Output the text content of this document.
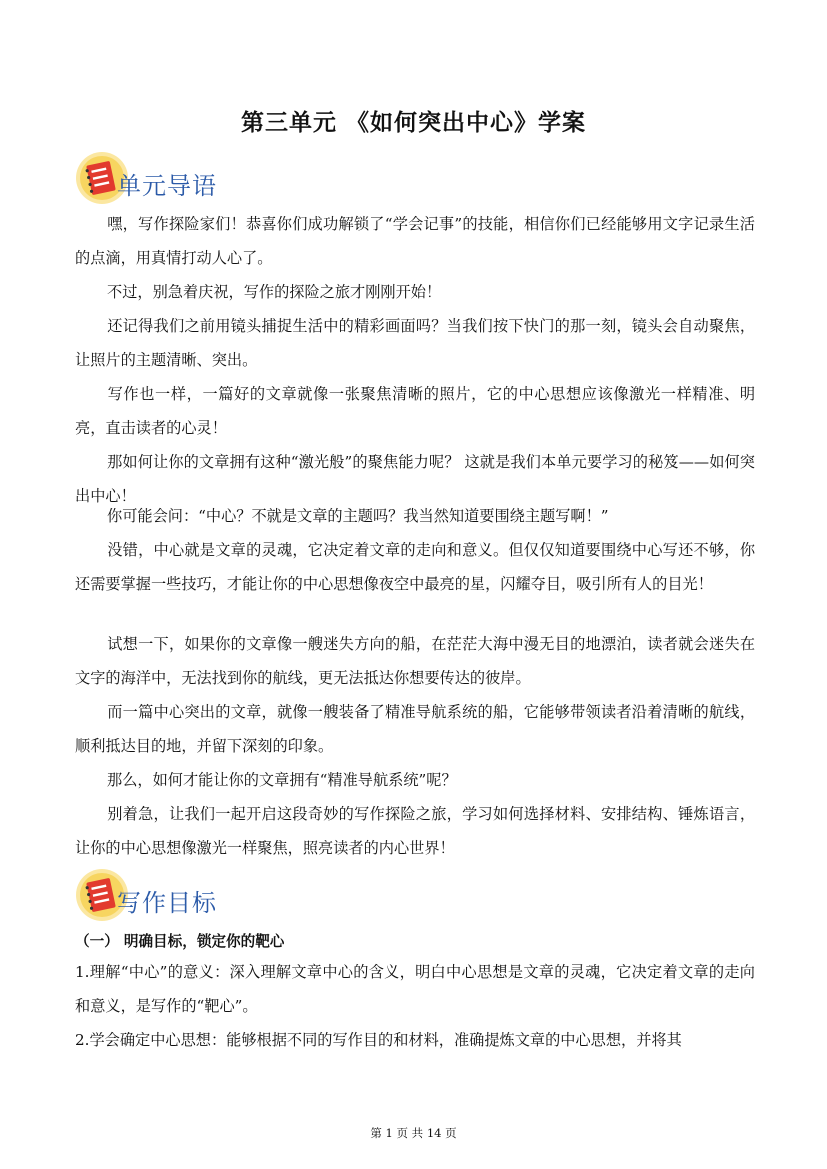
第三单元 《如何突出中心》学案
单元导语

嘿，写作探险家们！恭喜你们成功解锁了“学会记事”的技能，相信你们已经能够用文字记录生活的点滴，用真情打动人心了。

不过，别急着庆祝，写作的探险之旅才刚刚开始！

还记得我们之前用镜头捕捉生活中的精彩画面吗？当我们按下快门的那一刻，镜头会自动聚焦，让照片的主题清晰、突出。

写作也一样，一篇好的文章就像一张聚焦清晰的照片，它的中心思想应该像激光一样精准、明亮，直击读者的心灵！

那如何让你的文章拥有这种“激光般”的聚焦能力呢？ 这就是我们本单元要学习的秘笈——如何突出中心！

你可能会问：“中心？不就是文章的主题吗？我当然知道要围绕主题写啊！”

没错，中心就是文章的灵魂，它决定着文章的走向和意义。但仅仅知道要围绕中心写还不够，你还需要掌握一些技巧，才能让你的中心思想像夜空中最亮的星，闪耀夺目，吸引所有人的目光！

试想一下，如果你的文章像一艘迷失方向的船，在茫茫大海中漫无目的地漂泊，读者就会迷失在文字的海洋中，无法找到你的航线，更无法抵达你想要传达的彼岸。

而一篇中心突出的文章，就像一艘装备了精准导航系统的船，它能够带领读者沿着清晰的航线，顺利抵达目的地，并留下深刻的印象。

那么，如何才能让你的文章拥有“精准导航系统”呢？

别着急，让我们一起开启这段奇妙的写作探险之旅，学习如何选择材料、安排结构、锤炼语言，让你的中心思想像激光一样聚焦，照亮读者的内心世界！

写作目标
（一） 明确目标，锁定你的靶心

1.理解“中心”的意义：深入理解文章中心的含义，明白中心思想是文章的灵魂，它决定着文章的走向和意义，是写作的“靶心”。

2.学会确定中心思想：能够根据不同的写作目的和材料，准确提炼文章的中心思想，并将其

第 1 页 共 14 页
